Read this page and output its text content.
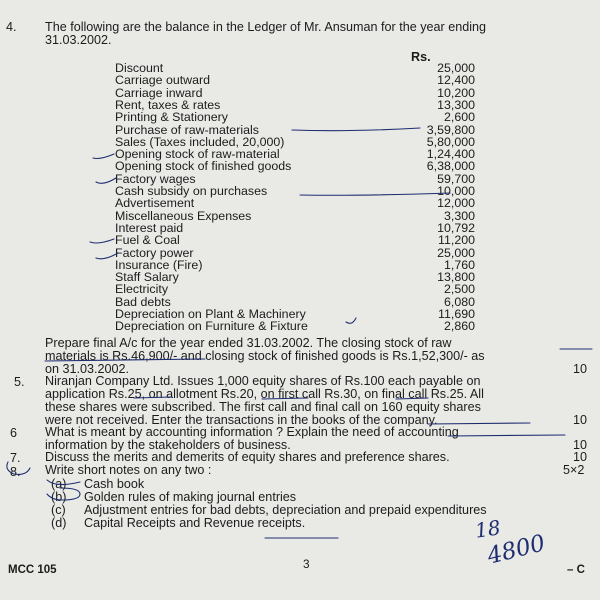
4. The following are the balance in the Ledger of Mr. Ansuman for the year ending
31.03.2002.
Rs.
Discount	25,000
Carriage outward	12,400
Carriage inward	10,200
Rent, taxes & rates	13,300
Printing & Stationery	2,600
Purchase of raw-materials	3,59,800
Sales (Taxes included, 20,000)	5,80,000
Opening stock of raw-material	1,24,400
Opening stock of finished goods	6,38,000
Factory wages	59,700
Cash subsidy on purchases	10,000
Advertisement	12,000
Miscellaneous Expenses	3,300
Interest paid	10,792
Fuel & Coal	11,200
Factory power	25,000
Insurance (Fire)	1,760
Staff Salary	13,800
Electricity	2,500
Bad debts	6,080
Depreciation on Plant & Machinery	11,690
Depreciation on Furniture & Fixture	2,860
Prepare final A/c for the year ended 31.03.2002. The closing stock of raw
materials is Rs.46,900/- and closing stock of finished goods is Rs.1,52,300/- as
on 31.03.2002.	10
5. Niranjan Company Ltd. Issues 1,000 equity shares of Rs.100 each payable on
application Rs.25, on allotment Rs.20, on first call Rs.30, on final call Rs.25. All
these shares were subscribed. The first call and final call on 160 equity shares
were not received. Enter the transactions in the books of the company.	10
6 What is meant by accounting information ? Explain the need of accounting
information by the stakeholders of business.	10
7. Discuss the merits and demerits of equity shares and preference shares.	10
8. Write short notes on any two :	5×2
(a) Cash book
(b) Golden rules of making journal entries
(c) Adjustment entries for bad debts, depreciation and prepaid expenditures
(d) Capital Receipts and Revenue receipts.	18
4800
MCC 105	3	– C
